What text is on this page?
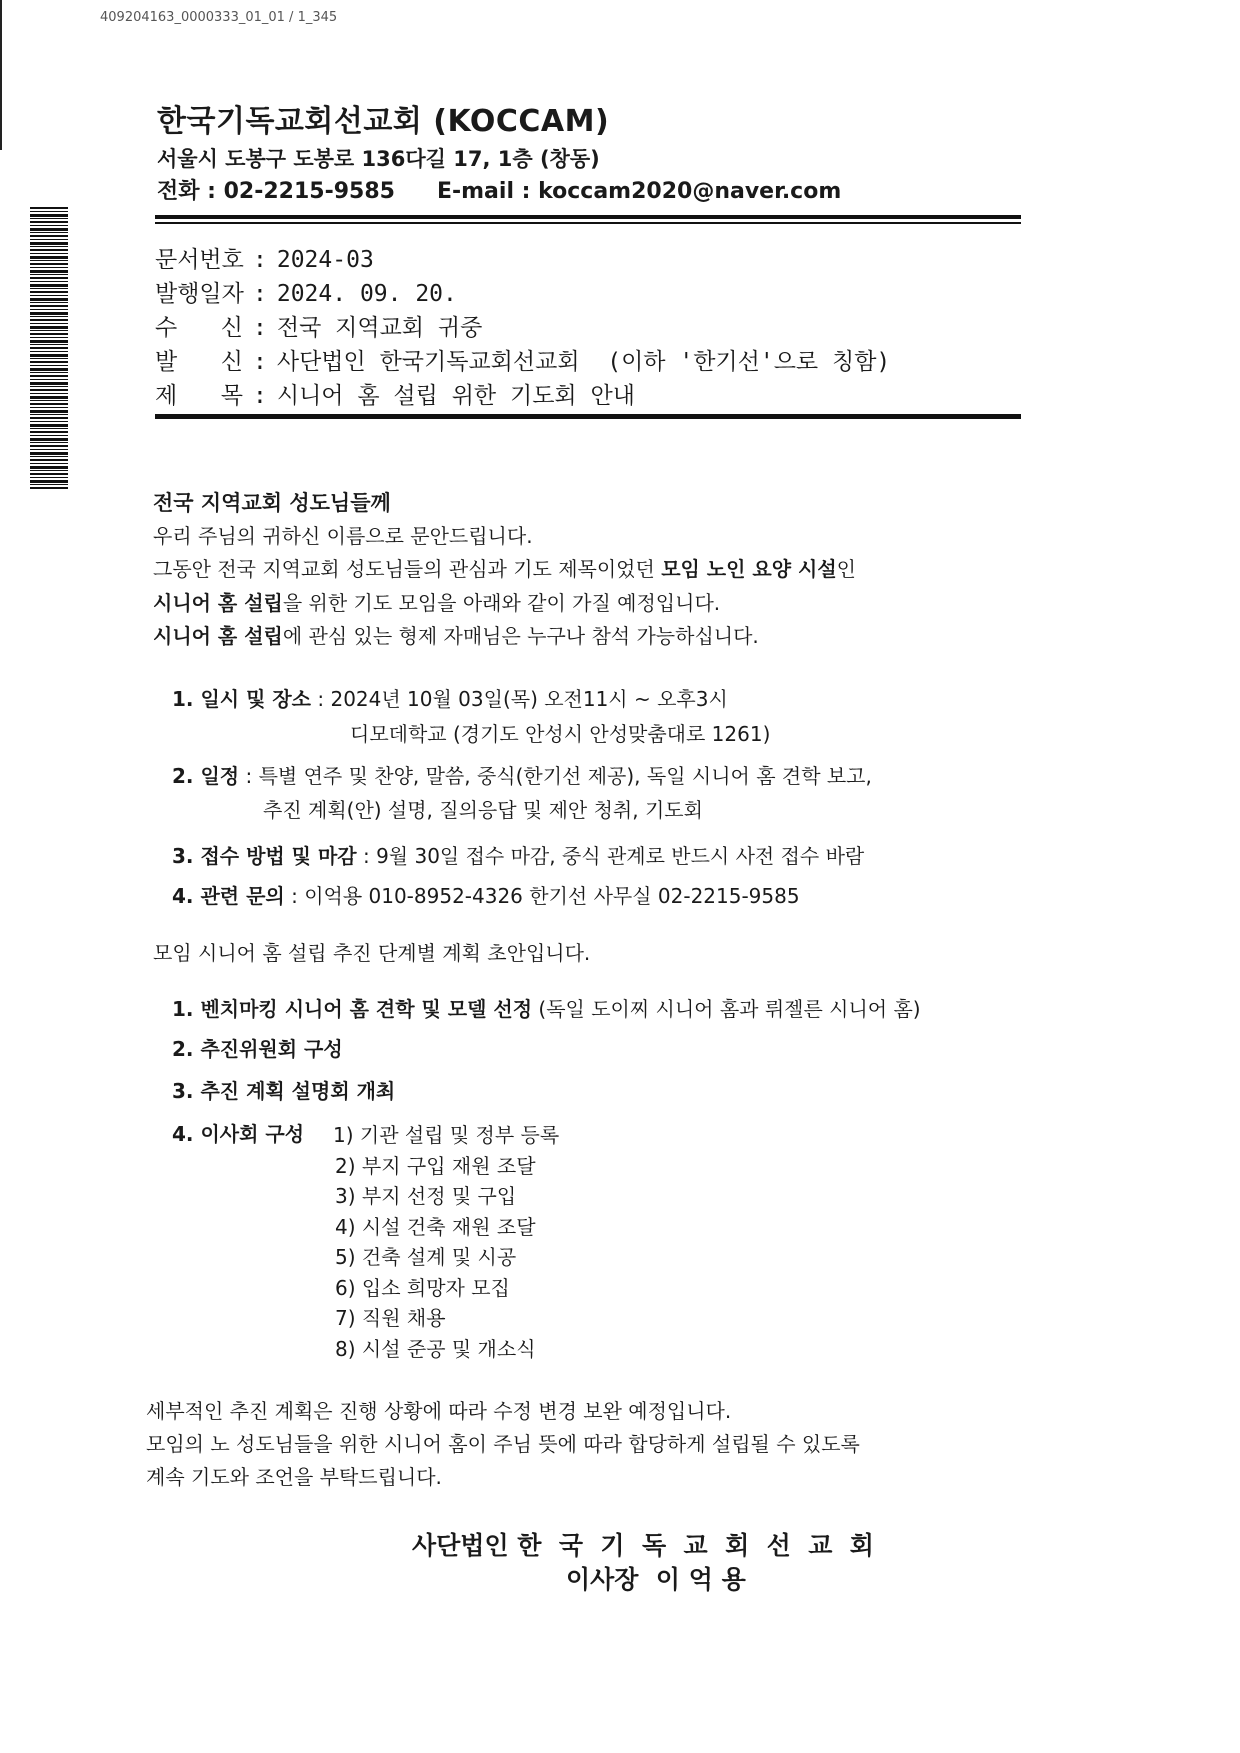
409204163_0000333_01_01 / 1_345
한국기독교회선교회 (KOCCAM)
서울시 도봉구 도봉로 136다길 17, 1층 (창동)
전화 : 02-2215-9585 E-mail : koccam2020@naver.com
문서번호 : 2024-03
발행일자 : 2024. 09. 20.
수 신 : 전국 지역교회 귀중
발 신 : 사단법인 한국기독교회선교회  (이하 '한기선'으로 칭함)
제 목 : 시니어 홈 설립 위한 기도회 안내
전국 지역교회 성도님들께
우리 주님의 귀하신 이름으로 문안드립니다.
그동안 전국 지역교회 성도님들의 관심과 기도 제목이었던 모임 노인 요양 시설인
시니어 홈 설립을 위한 기도 모임을 아래와 같이 가질 예정입니다.
시니어 홈 설립에 관심 있는 형제 자매님은 누구나 참석 가능하십니다.
1. 일시 및 장소 : 2024년 10월 03일(목) 오전11시 ~ 오후3시
디모데학교 (경기도 안성시 안성맞춤대로 1261)
2. 일정 : 특별 연주 및 찬양, 말씀, 중식(한기선 제공), 독일 시니어 홈 견학 보고,
추진 계획(안) 설명, 질의응답 및 제안 청취, 기도회
3. 접수 방법 및 마감 : 9월 30일 접수 마감, 중식 관계로 반드시 사전 접수 바람
4. 관련 문의 : 이억용 010-8952-4326 한기선 사무실 02-2215-9585
모임 시니어 홈 설립 추진 단계별 계획 초안입니다.
1. 벤치마킹 시니어 홈 견학 및 모델 선정 (독일 도이찌 시니어 홈과 뤼젤른 시니어 홈)
2. 추진위원회 구성
3. 추진 계획 설명회 개최
4. 이사회 구성 1) 기관 설립 및 정부 등록
2) 부지 구입 재원 조달
3) 부지 선정 및 구입
4) 시설 건축 재원 조달
5) 건축 설계 및 시공
6) 입소 희망자 모집
7) 직원 채용
8) 시설 준공 및 개소식
세부적인 추진 계획은 진행 상황에 따라 수정 변경 보완 예정입니다.
모임의 노 성도님들을 위한 시니어 홈이 주님 뜻에 따라 합당하게 설립될 수 있도록
계속 기도와 조언을 부탁드립니다.
사단법인 한  국  기  독  교  회  선  교  회
이사장  이 억 용
